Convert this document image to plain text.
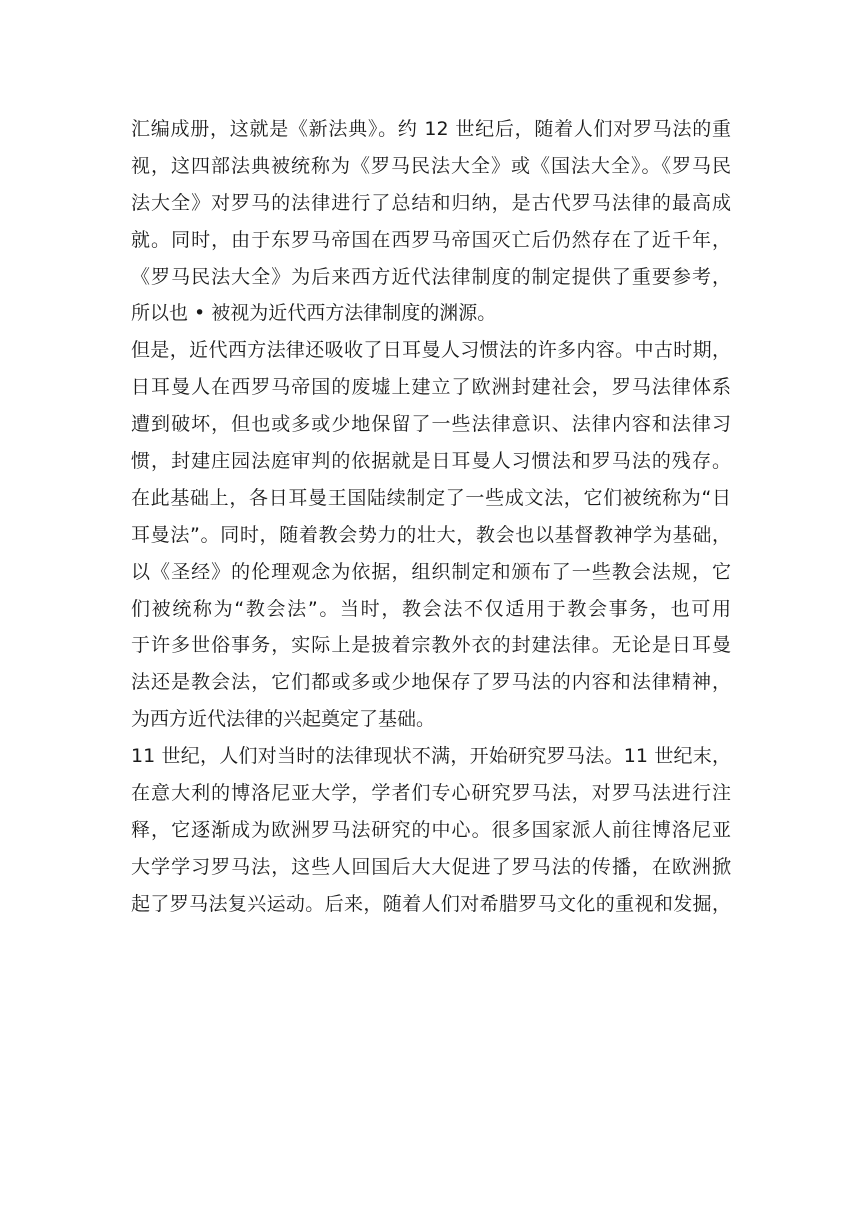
汇编成册，这就是《新法典》。约 12 世纪后，随着人们对罗马法的重
视，这四部法典被统称为《罗马民法大全》或《国法大全》。《罗马民
法大全》对罗马的法律进行了总结和归纳，是古代罗马法律的最高成
就。同时，由于东罗马帝国在西罗马帝国灭亡后仍然存在了近千年，
《罗马民法大全》为后来西方近代法律制度的制定提供了重要参考，
所以也 • 被视为近代西方法律制度的渊源。
但是，近代西方法律还吸收了日耳曼人习惯法的许多内容。中古时期，
日耳曼人在西罗马帝国的废墟上建立了欧洲封建社会，罗马法律体系
遭到破坏，但也或多或少地保留了一些法律意识、法律内容和法律习
惯，封建庄园法庭审判的依据就是日耳曼人习惯法和罗马法的残存。
在此基础上，各日耳曼王国陆续制定了一些成文法，它们被统称为“日
耳曼法”。同时，随着教会势力的壮大，教会也以基督教神学为基础，
以《圣经》的伦理观念为依据，组织制定和颁布了一些教会法规，它
们被统称为“教会法”。当时，教会法不仅适用于教会事务，也可用
于许多世俗事务，实际上是披着宗教外衣的封建法律。无论是日耳曼
法还是教会法，它们都或多或少地保存了罗马法的内容和法律精神，
为西方近代法律的兴起奠定了基础。
11 世纪，人们对当时的法律现状不满，开始研究罗马法。11 世纪末，
在意大利的博洛尼亚大学，学者们专心研究罗马法，对罗马法进行注
释，它逐渐成为欧洲罗马法研究的中心。很多国家派人前往博洛尼亚
大学学习罗马法，这些人回国后大大促进了罗马法的传播，在欧洲掀
起了罗马法复兴运动。后来，随着人们对希腊罗马文化的重视和发掘，
